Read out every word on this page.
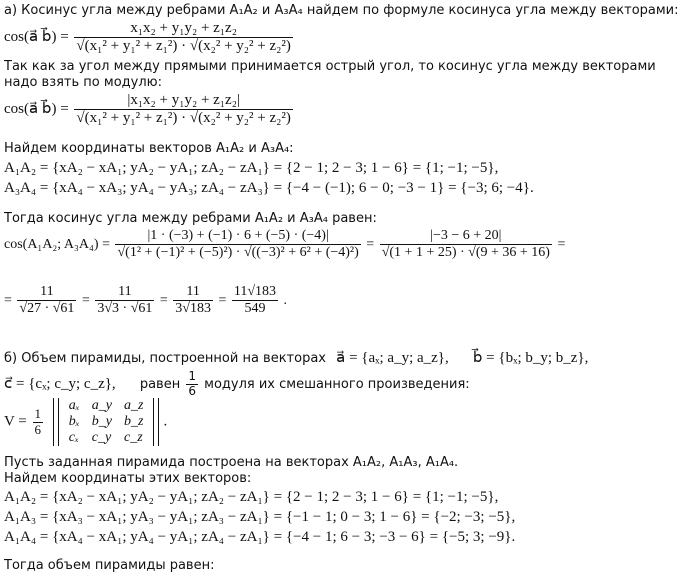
а) Косинус угла между ребрами A₁A₂ и A₃A₄ найдем по формуле косинуса угла между векторами:
cos(a⃗ b⃗) = $\frac{\text{x₁x₂ + y₁y₂ + z₁z₂}}{\text{√(x₁² + y₁² + z₁²) · √(x₂² + y₂² + z₂²)}}$
Так как за угол между прямыми принимается острый угол, то косинус угла между векторами
надо взять по модулю:
cos(a⃗ b⃗) = $\frac{\text{|x₁x₂ + y₁y₂ + z₁z₂|}}{\text{√(x₁² + y₁² + z₁²) · √(x₂² + y₂² + z₂²)}}$
Найдем координаты векторов A₁A₂ и A₃A₄:
A₁A₂ = {xA₂ − xA₁; yA₂ − yA₁; zA₂ − zA₁} = {2 − 1; 2 − 3; 1 − 6} = {1; −1; −5},
A₃A₄ = {xA₄ − xA₃; yA₄ − yA₃; zA₄ − zA₃} = {−4 − (−1); 6 − 0; −3 − 1} = {−3; 6; −4}.
Тогда косинус угла между ребрами A₁A₂ и A₃A₄ равен:
cos(A₁A₂; $A_3A_4) = \frac{|1 \cdot (-3) + (-1) \cdot 6 + (-5) \cdot (-4)|}{\text{√(1² + (−1)² + (−5)²) · √((−3)² + 6² + (−4)²)}} = \frac{|-3 - 6 + 20|}{√(1 + 1 + 25) \cdot √(9 + 36 + 16)}$ =
= $\frac{11}{√27 \cdot √61} = \frac{11}{3√3 \cdot √61} = \frac{11}{3√183} = \frac{11√183}{549}$ .
б) Объем пирамиды, построенной на векторах a⃗ = {aₓ; a_y; a_z}, b⃗ = {bₓ; b_y; b_z},
c⃗ = {cₓ; c_y; c_z}, равен $\frac{1}{6}$ модуля их смешанного произведения:
$V = \frac{1}{6}$

aₓ	a_y	a_z
bₓ	b_y	b_z
cₓ	c_y	c_z
.
Пусть заданная пирамида построена на векторах A₁A₂, A₁A₃, A₁A₄.
Найдем координаты этих векторов:
A₁A₂ = {xA₂ − xA₁; yA₂ − yA₁; zA₂ − zA₁} = {2 − 1; 2 − 3; 1 − 6} = {1; −1; −5},
A₁A₃ = {xA₃ − xA₁; yA₃ − yA₁; zA₃ − zA₁} = {−1 − 1; 0 − 3; 1 − 6} = {−2; −3; −5},
A₁A₄ = {xA₄ − xA₁; yA₄ − yA₁; zA₄ − zA₁} = {−4 − 1; 6 − 3; −3 − 6} = {−5; 3; −9}.
Тогда объем пирамиды равен:
